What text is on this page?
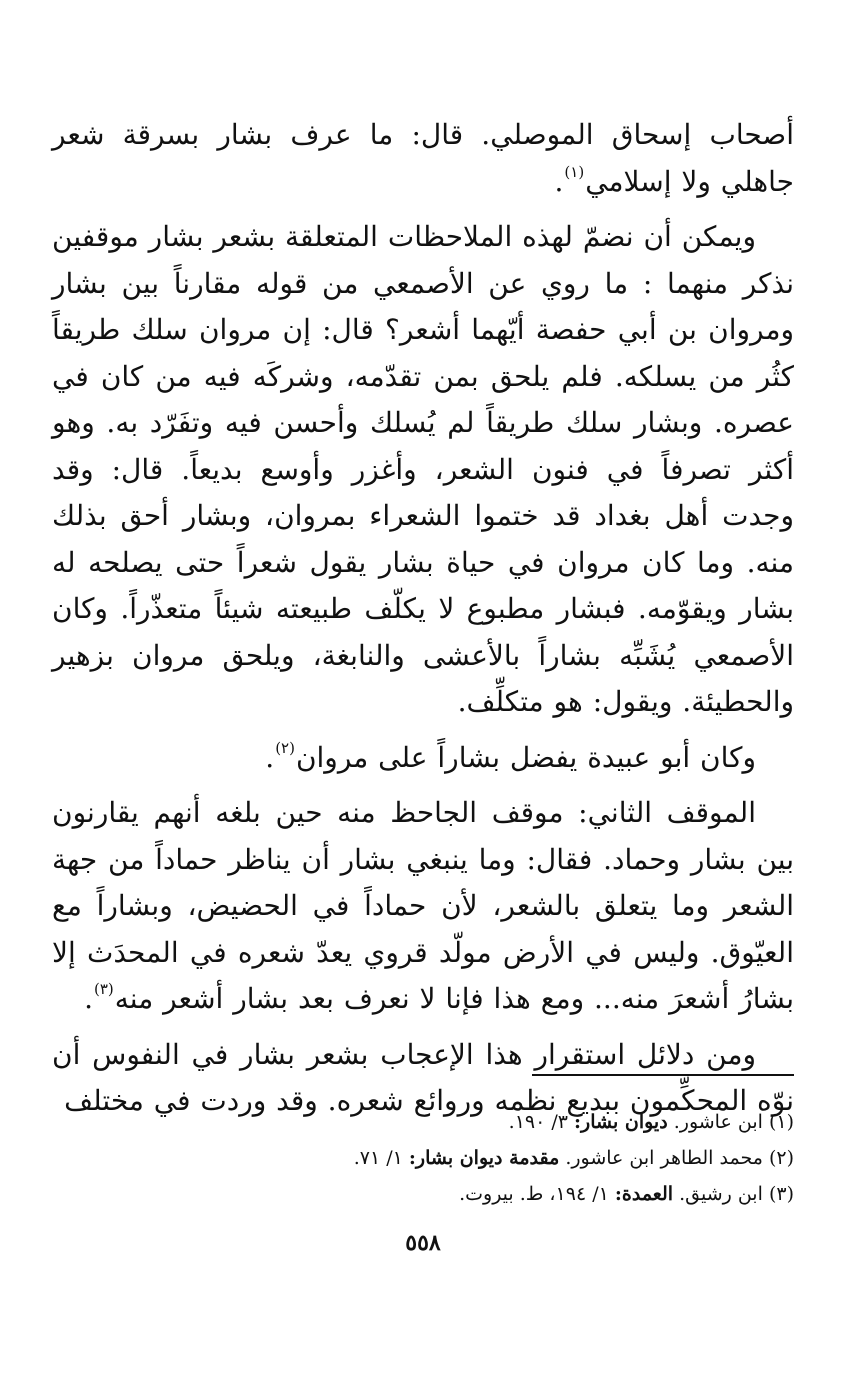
أصحاب إسحاق الموصلي. قال: ما عرف بشار بسرقة شعر جاهلي ولا إسلامي$^{(١)}$.

ويمكن أن نضمّ لهذه الملاحظات المتعلقة بشعر بشار موقفين نذكر منهما : ما روي عن الأصمعي من قوله مقارناً بين بشار ومروان بن أبي حفصة أيّهما أشعر؟ قال: إن مروان سلك طريقاً كثُر من يسلكه. فلم يلحق بمن تقدّمه، وشركَه فيه من كان في عصره. وبشار سلك طريقاً لم يُسلك وأحسن فيه وتفَرّد به. وهو أكثر تصرفاً في فنون الشعر، وأغزر وأوسع بديعاً. قال: وقد وجدت أهل بغداد قد ختموا الشعراء بمروان، وبشار أحق بذلك منه. وما كان مروان في حياة بشار يقول شعراً حتى يصلحه له بشار ويقوّمه. فبشار مطبوع لا يكلّف طبيعته شيئاً متعذّراً. وكان الأصمعي يُشَبِّه بشاراً بالأعشى والنابغة، ويلحق مروان بزهير والحطيئة. ويقول: هو متكلِّف.

وكان أبو عبيدة يفضل بشاراً على مروان$^{(٢)}$.

الموقف الثاني: موقف الجاحظ منه حين بلغه أنهم يقارنون بين بشار وحماد. فقال: وما ينبغي بشار أن يناظر حماداً من جهة الشعر وما يتعلق بالشعر، لأن حماداً في الحضيض، وبشاراً مع العيّوق. وليس في الأرض مولّد قروي يعدّ شعره في المحدَث إلا بشارُ أشعرَ منه... ومع هذا فإنا لا نعرف بعد بشار أشعر منه$^{(٣)}$.

ومن دلائل استقرار هذا الإعجاب بشعر بشار في النفوس أن نوّه المحكِّمون ببديع نظمه وروائع شعره. وقد وردت في مختلف

(١) ابن عاشور. ديوان بشار: ٣/ ١٩٠.
(٢) محمد الطاهر ابن عاشور. مقدمة ديوان بشار: ١/ ٧١.
(٣) ابن رشيق. العمدة: ١/ ١٩٤، ط. بيروت.
٥٥٨
